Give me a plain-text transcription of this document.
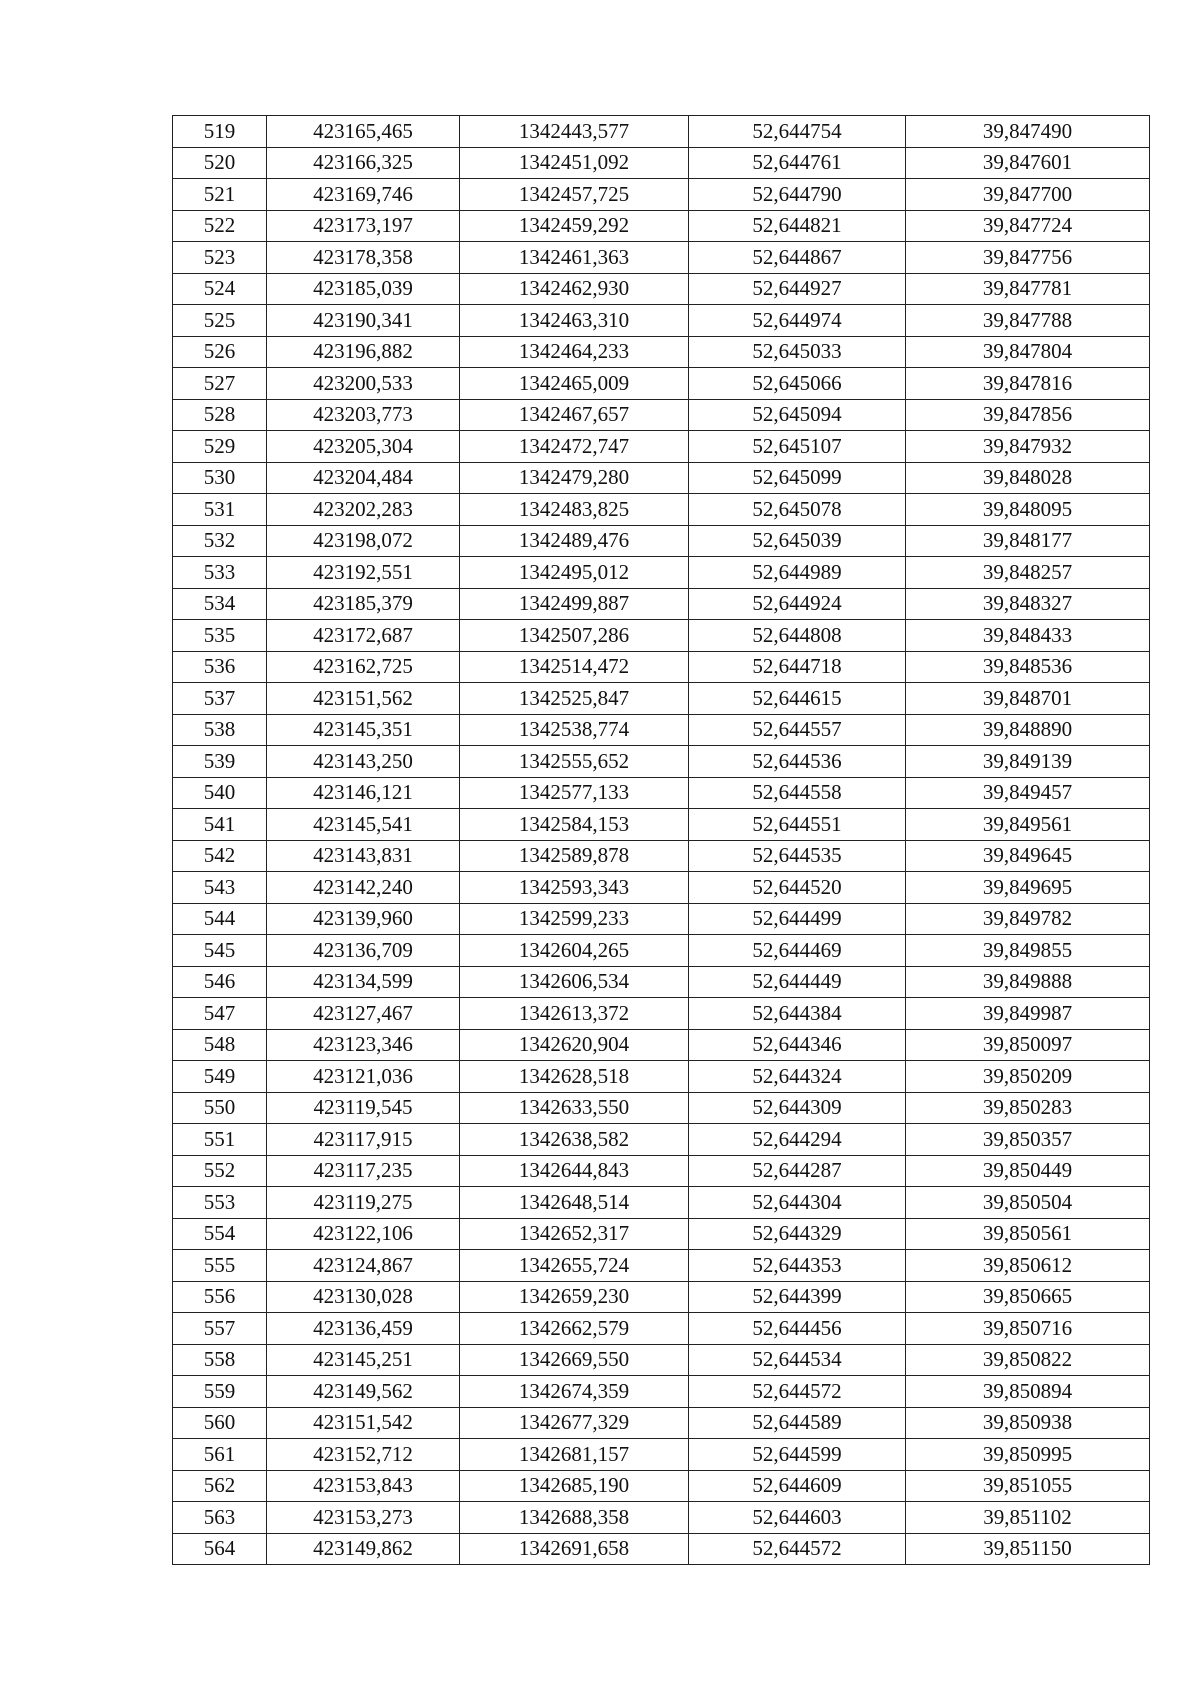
519	423165,465	1342443,577	52,644754	39,847490
520	423166,325	1342451,092	52,644761	39,847601
521	423169,746	1342457,725	52,644790	39,847700
522	423173,197	1342459,292	52,644821	39,847724
523	423178,358	1342461,363	52,644867	39,847756
524	423185,039	1342462,930	52,644927	39,847781
525	423190,341	1342463,310	52,644974	39,847788
526	423196,882	1342464,233	52,645033	39,847804
527	423200,533	1342465,009	52,645066	39,847816
528	423203,773	1342467,657	52,645094	39,847856
529	423205,304	1342472,747	52,645107	39,847932
530	423204,484	1342479,280	52,645099	39,848028
531	423202,283	1342483,825	52,645078	39,848095
532	423198,072	1342489,476	52,645039	39,848177
533	423192,551	1342495,012	52,644989	39,848257
534	423185,379	1342499,887	52,644924	39,848327
535	423172,687	1342507,286	52,644808	39,848433
536	423162,725	1342514,472	52,644718	39,848536
537	423151,562	1342525,847	52,644615	39,848701
538	423145,351	1342538,774	52,644557	39,848890
539	423143,250	1342555,652	52,644536	39,849139
540	423146,121	1342577,133	52,644558	39,849457
541	423145,541	1342584,153	52,644551	39,849561
542	423143,831	1342589,878	52,644535	39,849645
543	423142,240	1342593,343	52,644520	39,849695
544	423139,960	1342599,233	52,644499	39,849782
545	423136,709	1342604,265	52,644469	39,849855
546	423134,599	1342606,534	52,644449	39,849888
547	423127,467	1342613,372	52,644384	39,849987
548	423123,346	1342620,904	52,644346	39,850097
549	423121,036	1342628,518	52,644324	39,850209
550	423119,545	1342633,550	52,644309	39,850283
551	423117,915	1342638,582	52,644294	39,850357
552	423117,235	1342644,843	52,644287	39,850449
553	423119,275	1342648,514	52,644304	39,850504
554	423122,106	1342652,317	52,644329	39,850561
555	423124,867	1342655,724	52,644353	39,850612
556	423130,028	1342659,230	52,644399	39,850665
557	423136,459	1342662,579	52,644456	39,850716
558	423145,251	1342669,550	52,644534	39,850822
559	423149,562	1342674,359	52,644572	39,850894
560	423151,542	1342677,329	52,644589	39,850938
561	423152,712	1342681,157	52,644599	39,850995
562	423153,843	1342685,190	52,644609	39,851055
563	423153,273	1342688,358	52,644603	39,851102
564	423149,862	1342691,658	52,644572	39,851150
